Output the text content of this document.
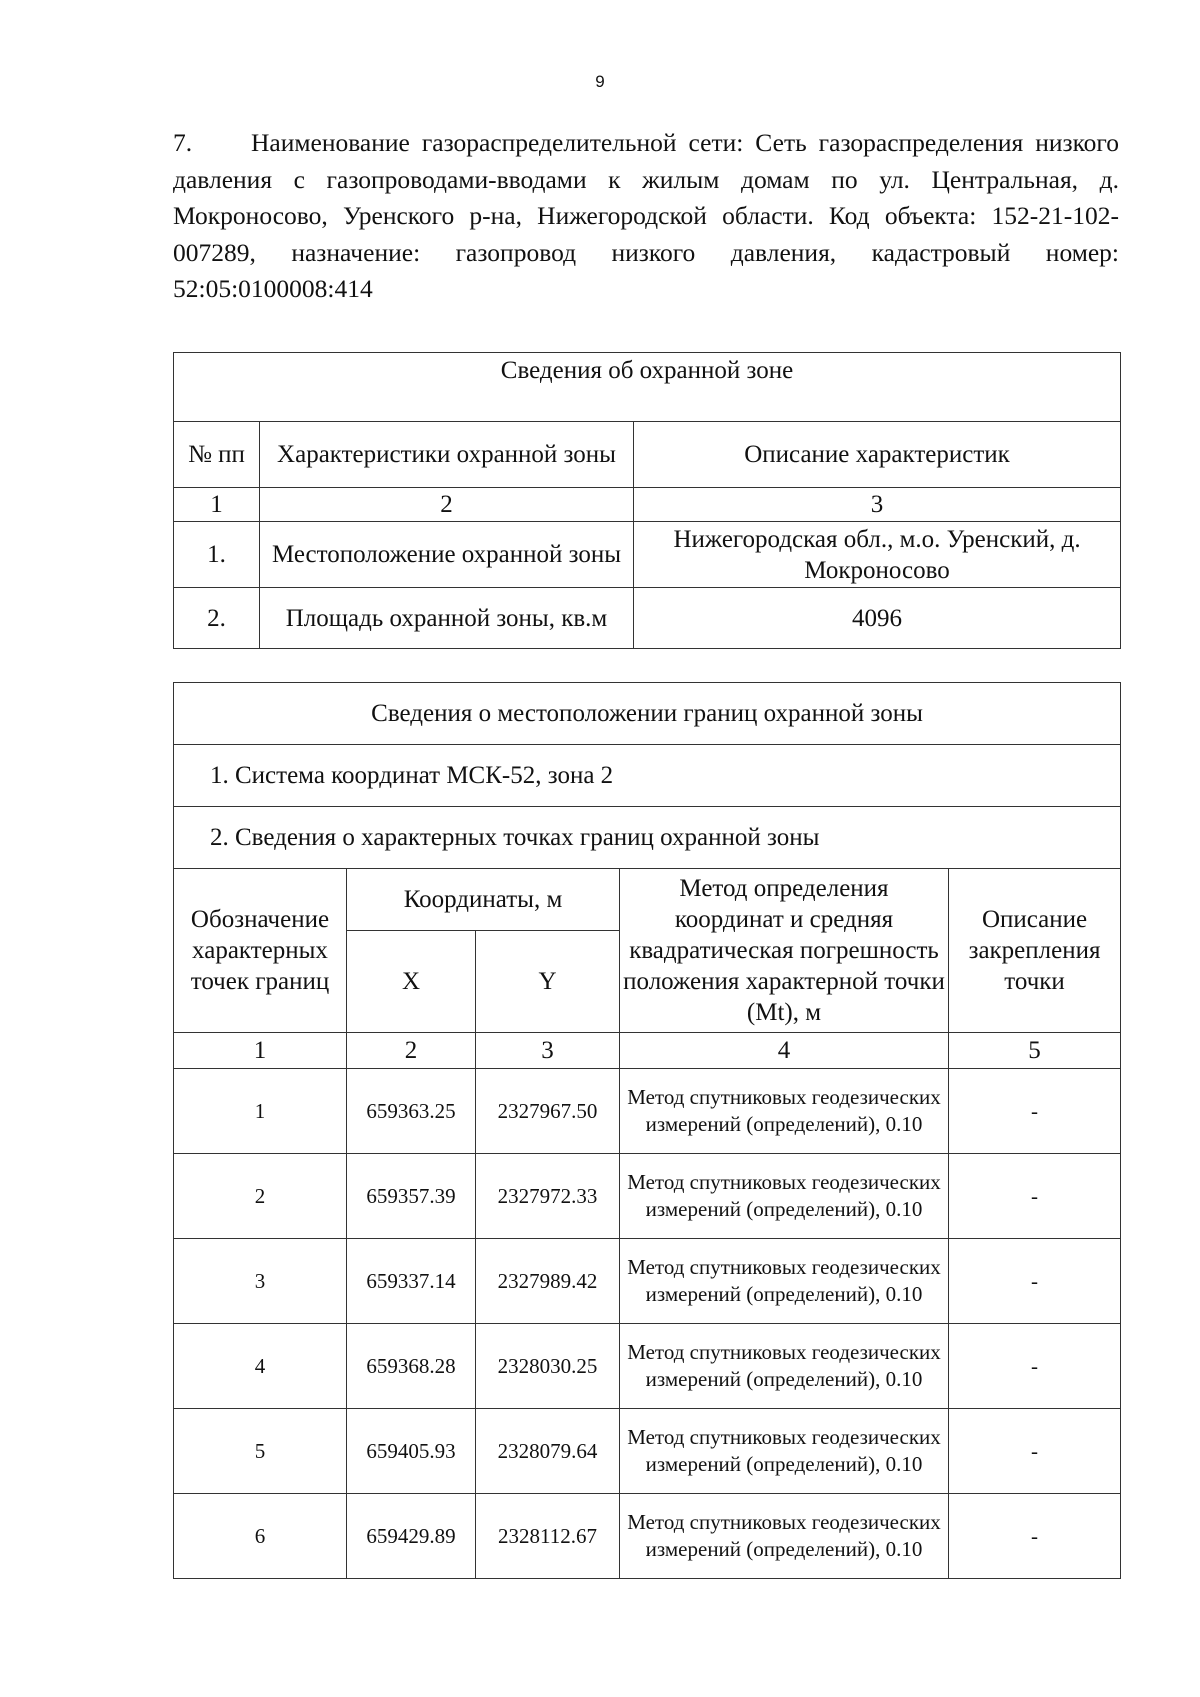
9
7. Наименование газораспределительной сети: Сеть газораспределения низкого давления с газопроводами-вводами к жилым домам по ул. Центральная, д. Мокроносово, Уренского р-на, Нижегородской области. Код объекта: 152-21-102-007289, назначение: газопровод низкого давления, кадастровый номер: 52:05:0100008:414
Сведения об охранной зоне		
№ пп	Характеристики охранной зоны	Описание характеристик
1	2	3
1.	Местоположение охранной зоны	Нижегородская обл., м.о. Уренский, д. Мокроносово
2.	Площадь охранной зоны, кв.м	4096
Сведения о местоположении границ охранной зоны				
1. Система координат МСК-52, зона 2				
2. Сведения о характерных точках границ охранной зоны				
Обозначение характерных точек границ	Координаты, м		Метод определения координат и средняя квадратическая погрешность положения характерной точки (Mt), м	Описание закрепления точки
	X	Y		
1	2	3	4	5
1	659363.25	2327967.50	Метод спутниковых геодезических измерений (определений), 0.10	-
2	659357.39	2327972.33	Метод спутниковых геодезических измерений (определений), 0.10	-
3	659337.14	2327989.42	Метод спутниковых геодезических измерений (определений), 0.10	-
4	659368.28	2328030.25	Метод спутниковых геодезических измерений (определений), 0.10	-
5	659405.93	2328079.64	Метод спутниковых геодезических измерений (определений), 0.10	-
6	659429.89	2328112.67	Метод спутниковых геодезических измерений (определений), 0.10	-
